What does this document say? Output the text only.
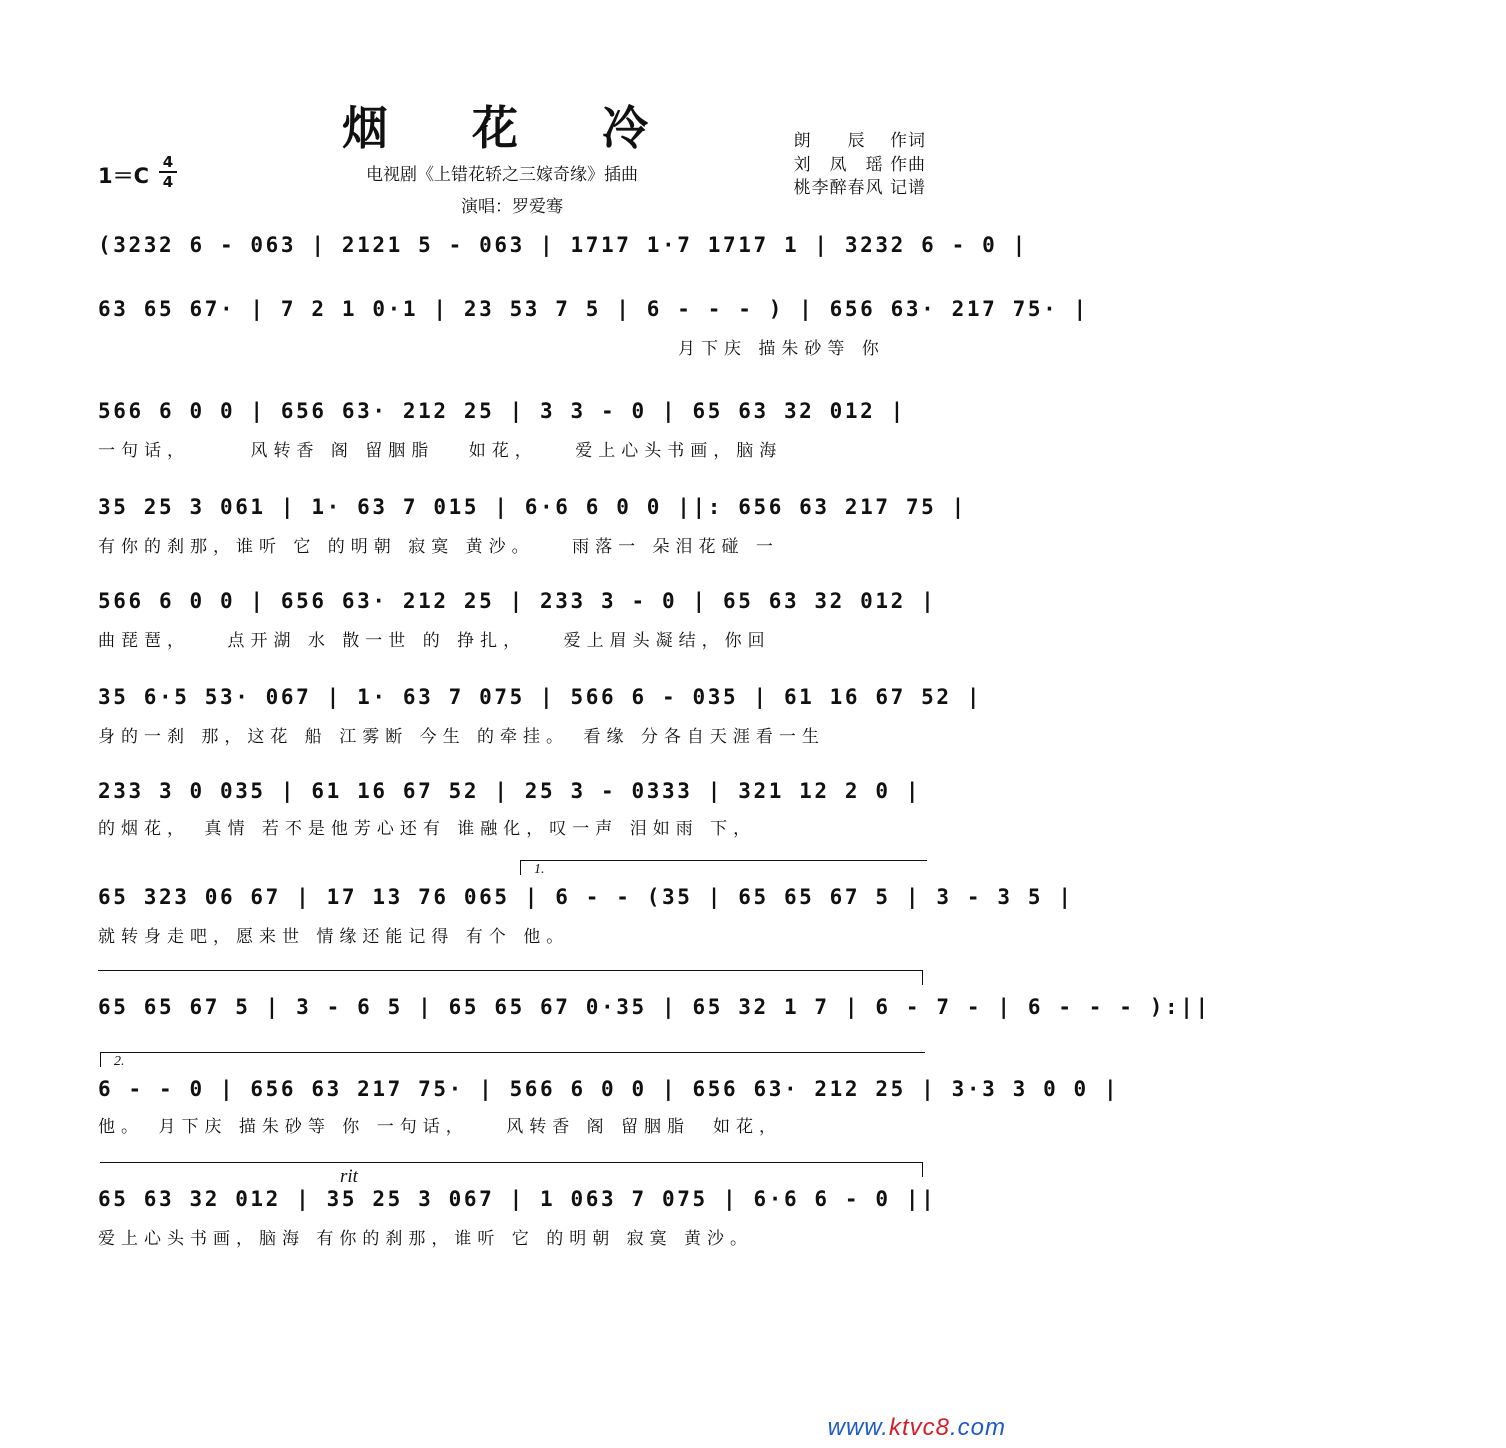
烟 花 冷
1＝C
4
4	电视剧《上错花轿之三嫁奇缘》插曲
演唱：罗爱骞
朗　　辰 作词
刘　凤　瑶 作曲
桃李醉春风 记谱
(3232 6 - 063 | 2121 5 - 063 | 1717 1·7 1717 1 | 3232 6 - 0 |
63 65 67· | 7 2 1 0·1 | 23 53 7 5 | 6 - - - ) | 656 63· 217 75· |
月下庆 描朱砂等 你
566 6 0 0 | 656 63· 212 25 | 3 3 - 0 | 65 63 32 012 |
一句话，　　　风转香 阁 留胭脂 　如花，　　爱上心头书画，脑海
35 25 3 061 | 1· 63 7 015 | 6·6 6 0 0 ||: 656 63 217 75 |
有你的刹那，谁听 它 的明朝 寂寞 黄沙。　　雨落一 朵泪花碰 一
566 6 0 0 | 656 63· 212 25 | 233 3 - 0 | 65 63 32 012 |
曲琵琶，　　点开湖 水 散一世 的 挣扎，　　爱上眉头凝结，你回
35 6·5 53· 067 | 1· 63 7 075 | 566 6 - 035 | 61 16 67 52 |
身的一刹 那，这花 船 江雾断 今生 的牵挂。　看缘 分各自天涯看一生
233 3 0 035 | 61 16 67 52 | 25 3 - 0333 | 321 12 2 0 |
的烟花，　真情 若不是他芳心还有 谁融化，叹一声 泪如雨 下，
1.
65 323 06 67 | 17 13 76 065 | 6 - - (35 | 65 65 67 5 | 3 - 3 5 |
就转身走吧，愿来世 情缘还能记得 有个 他。
65 65 67 5 | 3 - 6 5 | 65 65 67 0·35 | 65 32 1 7 | 6 - 7 - | 6 - - - ):||
2.
6 - - 0 | 656 63 217 75· | 566 6 0 0 | 656 63· 212 25 | 3·3 3 0 0 |
他。　月下庆 描朱砂等 你 一句话，　　风转香 阁 留胭脂　如花，
rit
65 63 32 012 | 35 25 3 067 | 1 063 7 075 | 6·6 6 - 0 ||
爱上心头书画，脑海 有你的刹那，谁听 它 的明朝 寂寞 黄沙。
www.ktvc8.com
